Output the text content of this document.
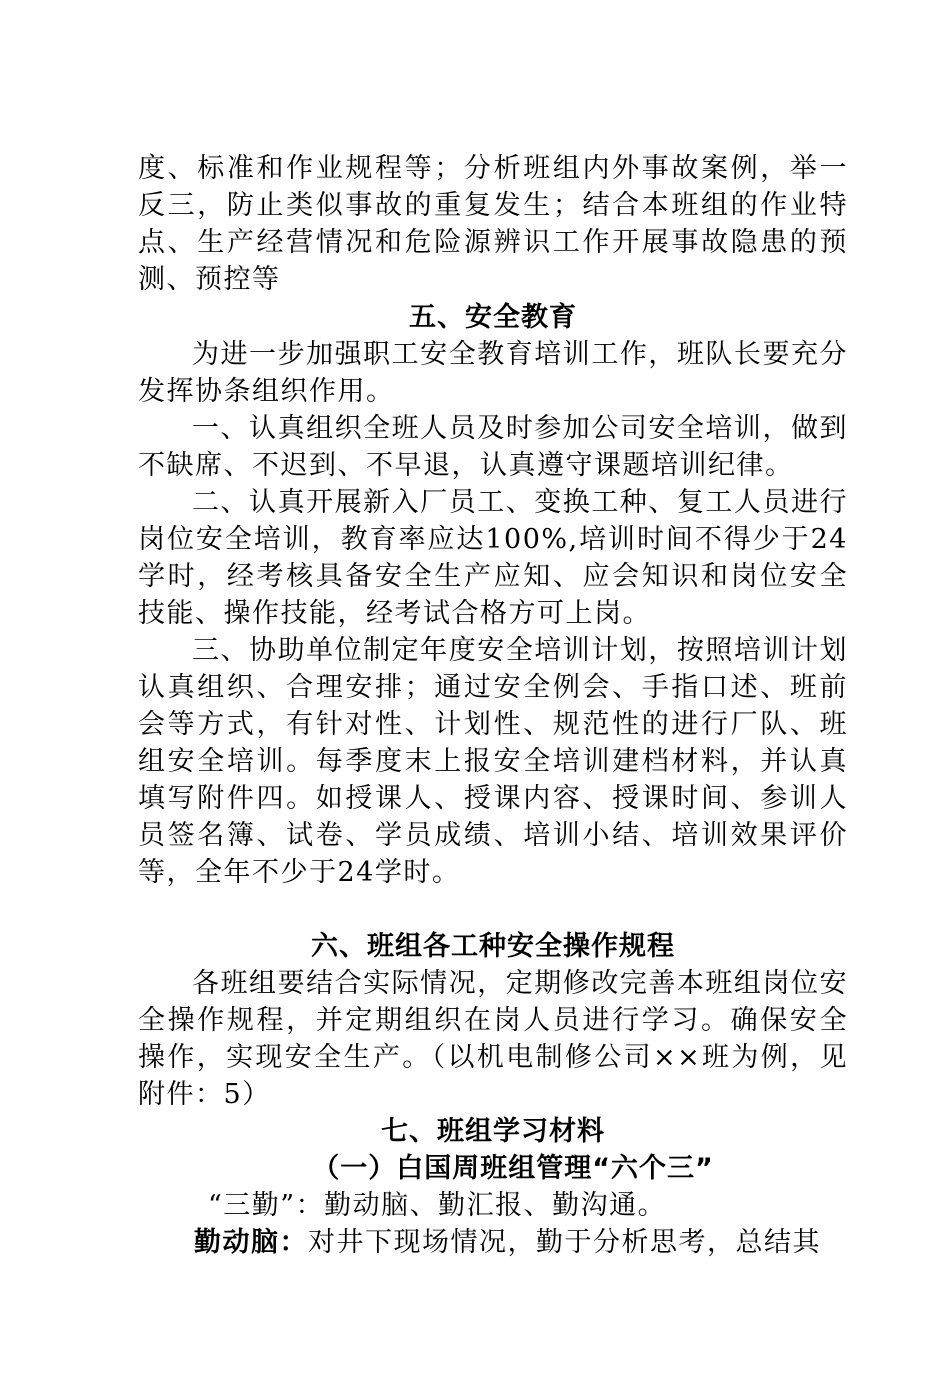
度、标准和作业规程等；分析班组内外事故案例，举一反三，防止类似事故的重复发生；结合本班组的作业特点、生产经营情况和危险源辨识工作开展事故隐患的预测、预控等

五、安全教育

为进一步加强职工安全教育培训工作，班队长要充分发挥协条组织作用。

一、认真组织全班人员及时参加公司安全培训，做到不缺席、不迟到、不早退，认真遵守课题培训纪律。

二、认真开展新入厂员工、变换工种、复工人员进行岗位安全培训，教育率应达100%,培训时间不得少于24学时，经考核具备安全生产应知、应会知识和岗位安全技能、操作技能，经考试合格方可上岗。

三、协助单位制定年度安全培训计划，按照培训计划认真组织、合理安排；通过安全例会、手指口述、班前会等方式，有针对性、计划性、规范性的进行厂队、班组安全培训。每季度末上报安全培训建档材料，并认真填写附件四。如授课人、授课内容、授课时间、参训人员签名簿、试卷、学员成绩、培训小结、培训效果评价等，全年不少于24学时。

六、班组各工种安全操作规程

各班组要结合实际情况，定期修改完善本班组岗位安全操作规程，并定期组织在岗人员进行学习。确保安全操作，实现安全生产。（以机电制修公司××班为例，见附件：5）

七、班组学习材料

（一）白国周班组管理“六个三”

“三勤”：勤动脑、勤汇报、勤沟通。

勤动脑：对井下现场情况，勤于分析思考，总结其
